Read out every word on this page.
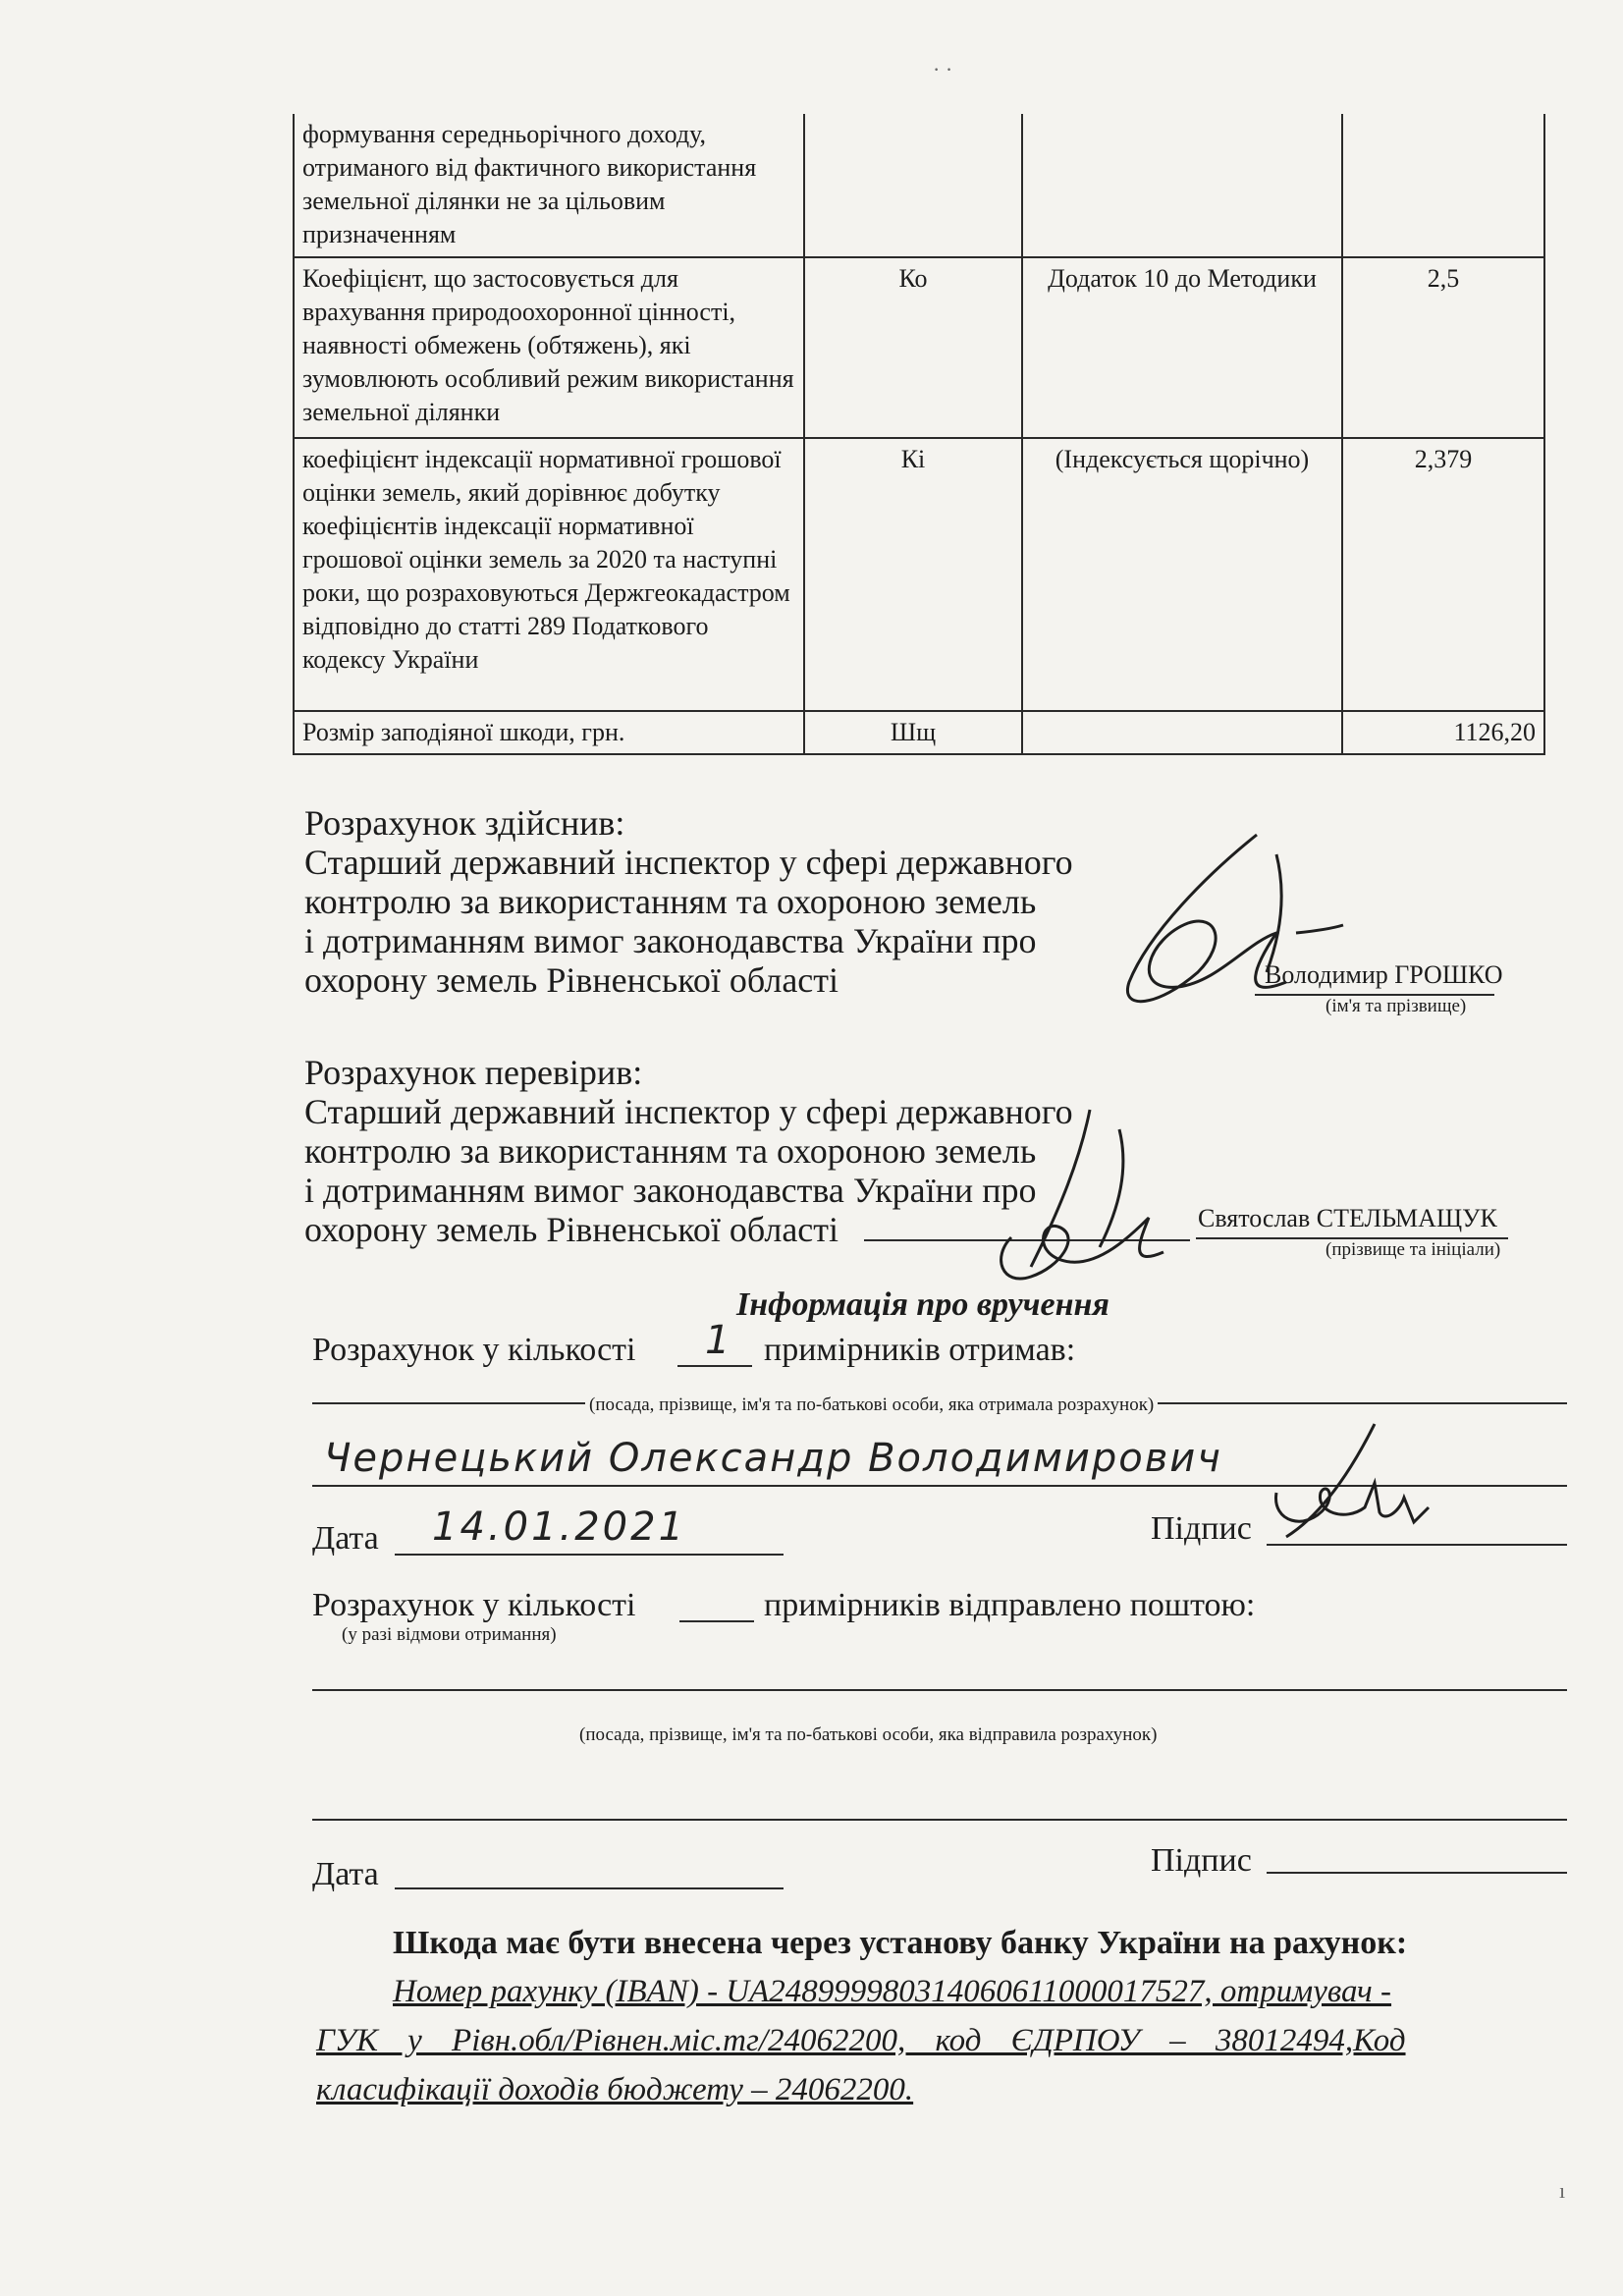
· ·
ı
формування середньорічного доходу, отриманого від фактичного використання земельної ділянки не за цільовим призначенням			
Коефіцієнт, що застосовується для врахування природоохоронної цінності, наявності обмежень (обтяжень), які зумовлюють особливий режим використання земельної ділянки	Ко	Додаток 10 до Методики	2,5
коефіцієнт індексації нормативної грошової оцінки земель, який дорівнює добутку коефіцієнтів індексації нормативної грошової оцінки земель за 2020 та наступні роки, що розраховуються Держгеокадастром відповідно до статті 289 Податкового кодексу України	Кі	(Індексується щорічно)	2,379
Розмір заподіяної шкоди, грн.	Шщ		1126,20
Розрахунок здійснив:
Старший державний інспектор у сфері державного
контролю за використанням та охороною земель
і дотриманням вимог законодавства України про
охорону земель Рівненської області	Володимир ГРОШКО
(ім'я та прізвище)
Розрахунок перевірив:
Старший державний інспектор у сфері державного
контролю за використанням та охороною земель
і дотриманням вимог законодавства України про
охорону земель Рівненської області	Святослав СТЕЛЬМАЩУК
(прізвище та ініціали)
Інформація про вручення
Розрахунок у кількості 1 примірників отримав:
(посада, прізвище, ім'я та по-батькові особи, яка отримала розрахунок)
Чернецький Олександр Володимирович
Дата 14.01.2021	Підпис
Розрахунок у кількості	примірників відправлено поштою:
(у разі відмови отримання)
(посада, прізвище, ім'я та по-батькові особи, яка відправила розрахунок)
Дата	Підпис
Шкода має бути внесена через установу банку України на рахунок:
Номер рахунку (IBAN) - UA248999980314060611000017527, отримувач -
ГУК у Рівн.обл/Рівнен.міс.тг/24062200, код ЄДРПОУ – 38012494,Код
класифікації доходів бюджету – 24062200.
